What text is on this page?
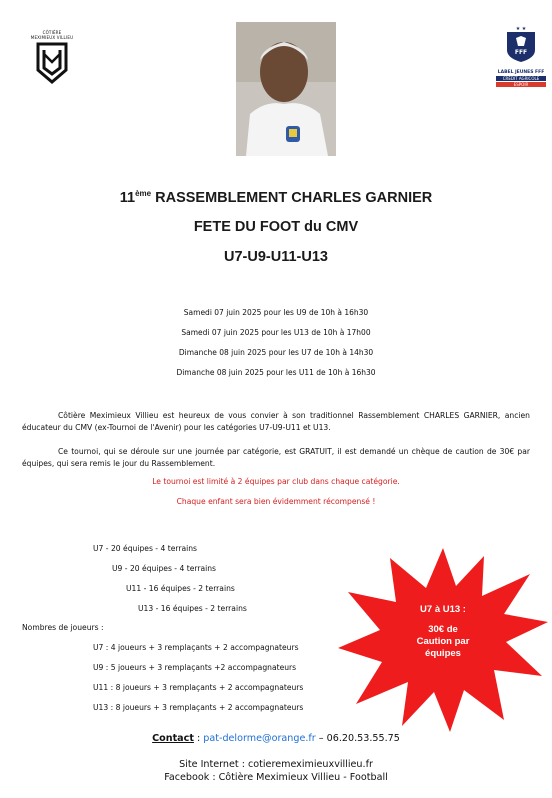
CÔTIÈRE MEXIMIEUX VILLIEU
★ ★
FFF
LABEL JEUNES FFF
CRÉDIT AGRICOLE
ESPOIR
11ème RASSEMBLEMENT CHARLES GARNIER
FETE DU FOOT du CMV
U7-U9-U11-U13
Samedi 07 juin 2025 pour les U9 de 10h à 16h30
Samedi 07 juin 2025 pour les U13 de 10h à 17h00
Dimanche 08 juin 2025 pour les U7 de 10h à 14h30
Dimanche 08 juin 2025 pour les U11 de 10h à 16h30
Côtière Meximieux Villieu est heureux de vous convier à son traditionnel Rassemblement CHARLES GARNIER, ancien éducateur du CMV (ex-Tournoi de l'Avenir) pour les catégories U7-U9-U11 et U13.
Ce tournoi, qui se déroule sur une journée par catégorie, est GRATUIT, il est demandé un chèque de caution de 30€ par équipes, qui sera remis le jour du Rassemblement.
Le tournoi est limité à 2 équipes par club dans chaque catégorie.
Chaque enfant sera bien évidemment récompensé !
U7 - 20 équipes - 4 terrains
U9 - 20 équipes - 4 terrains
U11 - 16 équipes - 2 terrains
U13 - 16 équipes - 2 terrains
Nombres de joueurs :
U7 : 4 joueurs + 3 remplaçants + 2 accompagnateurs
U9 : 5 joueurs + 3 remplaçants +2 accompagnateurs
U11 : 8 joueurs + 3 remplaçants + 2 accompagnateurs
U13 : 8 joueurs + 3 remplaçants + 2 accompagnateurs
U7 à U13 :
30€ de
Caution par
équipes
Contact : pat-delorme@orange.fr – 06.20.53.55.75
Site Internet : cotieremeximieuxvillieu.fr
Facebook : Côtière Meximieux Villieu - Football
